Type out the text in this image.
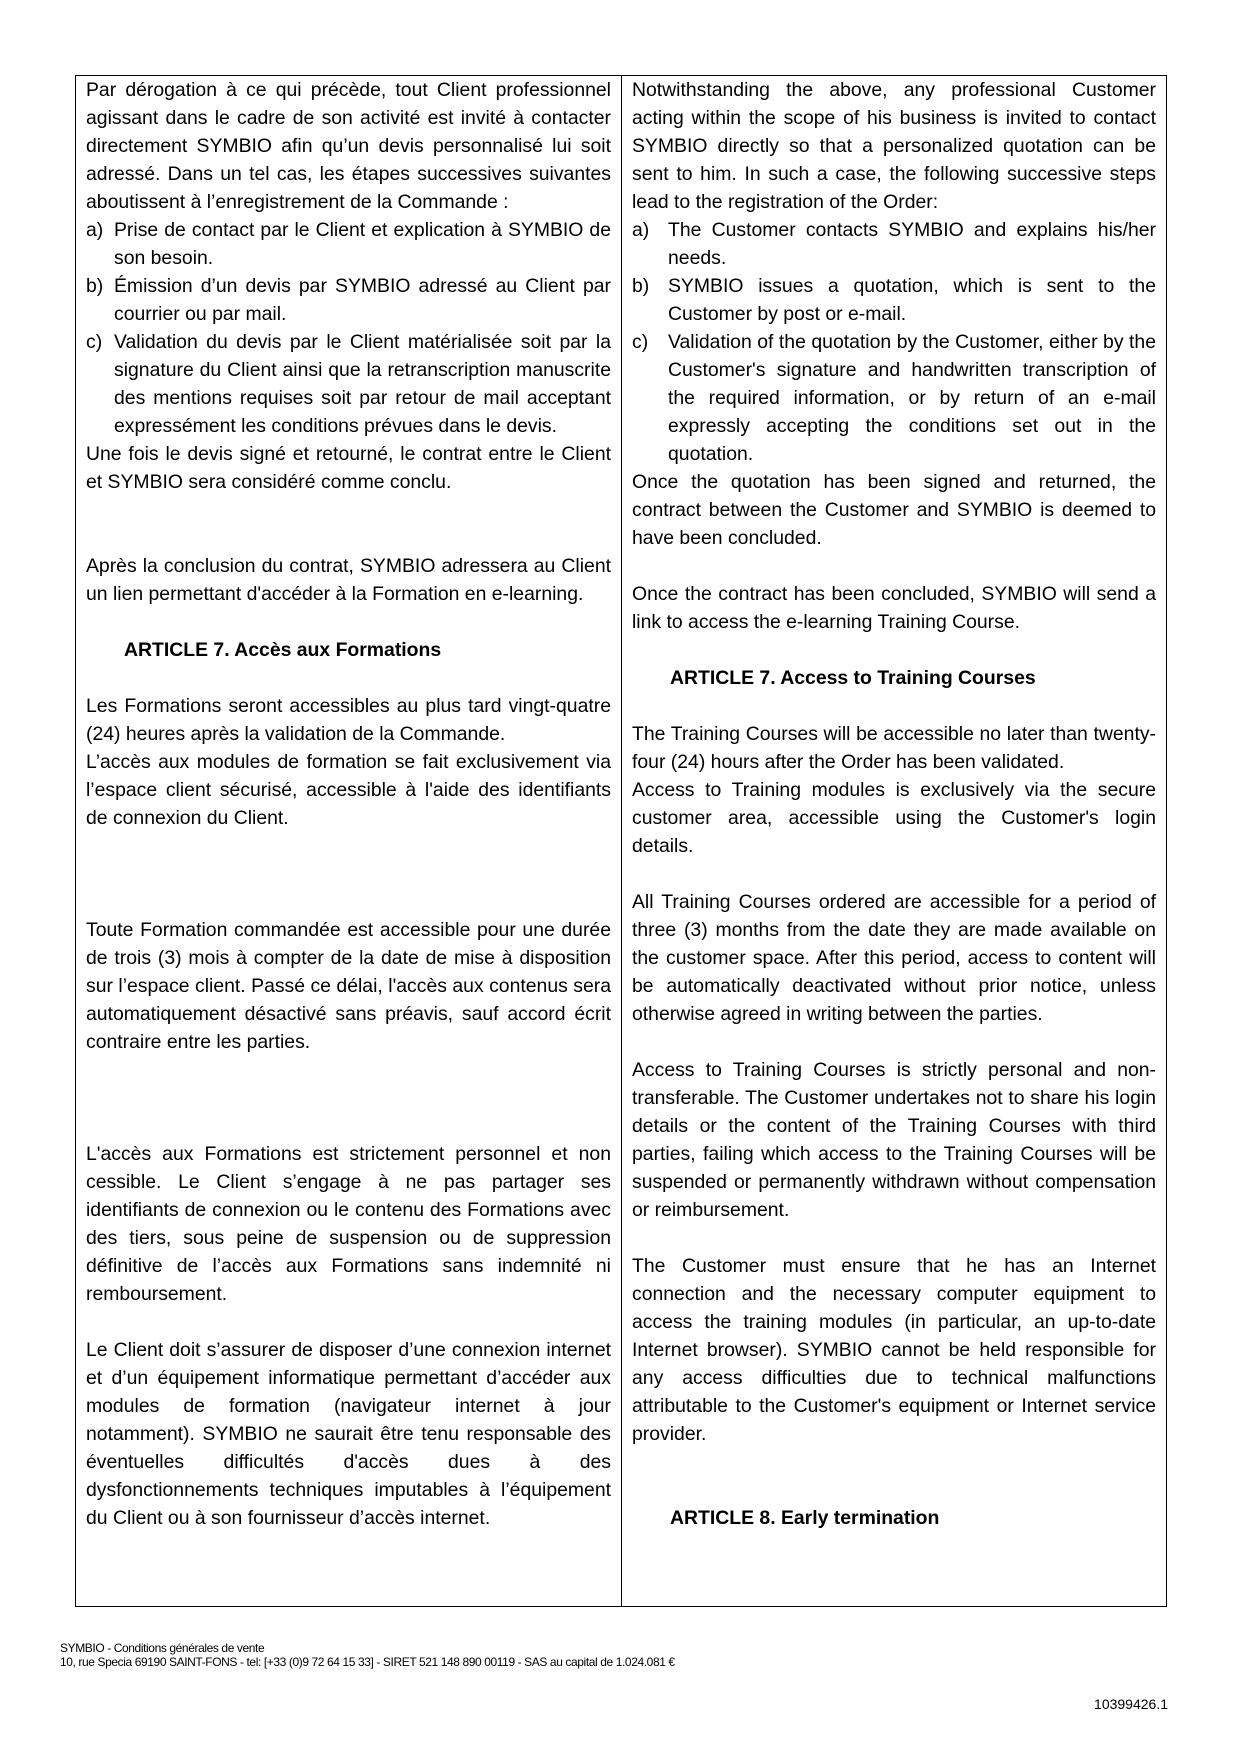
Par dérogation à ce qui précède, tout Client professionnel agissant dans le cadre de son activité est invité à contacter directement SYMBIO afin qu’un devis personnalisé lui soit adressé. Dans un tel cas, les étapes successives suivantes aboutissent à l’enregistrement de la Commande :

a) Prise de contact par le Client et explication à SYMBIO de son besoin.
b) Émission d’un devis par SYMBIO adressé au Client par courrier ou par mail.
c) Validation du devis par le Client matérialisée soit par la signature du Client ainsi que la retranscription manuscrite des mentions requises soit par retour de mail acceptant expressément les conditions prévues dans le devis.

Une fois le devis signé et retourné, le contrat entre le Client et SYMBIO sera considéré comme conclu.

Après la conclusion du contrat, SYMBIO adressera au Client un lien permettant d'accéder à la Formation en e-learning.

ARTICLE 7. Accès aux Formations

Les Formations seront accessibles au plus tard vingt-quatre (24) heures après la validation de la Commande.

L’accès aux modules de formation se fait exclusivement via l’espace client sécurisé, accessible à l'aide des identifiants de connexion du Client.

Toute Formation commandée est accessible pour une durée de trois (3) mois à compter de la date de mise à disposition sur l’espace client. Passé ce délai, l'accès aux contenus sera automatiquement désactivé sans préavis, sauf accord écrit contraire entre les parties.

L'accès aux Formations est strictement personnel et non cessible. Le Client s’engage à ne pas partager ses identifiants de connexion ou le contenu des Formations avec des tiers, sous peine de suspension ou de suppression définitive de l’accès aux Formations sans indemnité ni remboursement.

Le Client doit s’assurer de disposer d’une connexion internet et d’un équipement informatique permettant d’accéder aux modules de formation (navigateur internet à jour notamment). SYMBIO ne saurait être tenu responsable des éventuelles difficultés d'accès dues à des dysfonctionnements techniques imputables à l’équipement du Client ou à son fournisseur d’accès internet.

Notwithstanding the above, any professional Customer acting within the scope of his business is invited to contact SYMBIO directly so that a personalized quotation can be sent to him. In such a case, the following successive steps lead to the registration of the Order:

a) The Customer contacts SYMBIO and explains his/her needs.
b) SYMBIO issues a quotation, which is sent to the Customer by post or e-mail.
c)	Validation of the quotation by the Customer, either by the Customer's signature and handwritten transcription of the required information, or by return of an e-mail expressly accepting the conditions set out in the quotation.

Once the quotation has been signed and returned, the contract between the Customer and SYMBIO is deemed to have been concluded.

Once the contract has been concluded, SYMBIO will send a link to access the e-learning Training Course.

ARTICLE 7. Access to Training Courses

The Training Courses will be accessible no later than twenty-four (24) hours after the Order has been validated.

Access to Training modules is exclusively via the secure customer area, accessible using the Customer's login details.

All Training Courses ordered are accessible for a period of three (3) months from the date they are made available on the customer space. After this period, access to content will be automatically deactivated without prior notice, unless otherwise agreed in writing between the parties.

Access to Training Courses is strictly personal and non-transferable. The Customer undertakes not to share his login details or the content of the Training Courses with third parties, failing which access to the Training Courses will be suspended or permanently withdrawn without compensation or reimbursement.

The Customer must ensure that he has an Internet connection and the necessary computer equipment to access the training modules (in particular, an up-to-date Internet browser). SYMBIO cannot be held responsible for any access difficulties due to technical malfunctions attributable to the Customer's equipment or Internet service provider.

ARTICLE 8. Early termination

SYMBIO - Conditions générales de vente
10, rue Specia 69190 SAINT-FONS - tel: [+33 (0)9 72 64 15 33] - SIRET 521 148 890 00119 - SAS au capital de 1.024.081 €
10399426.1
